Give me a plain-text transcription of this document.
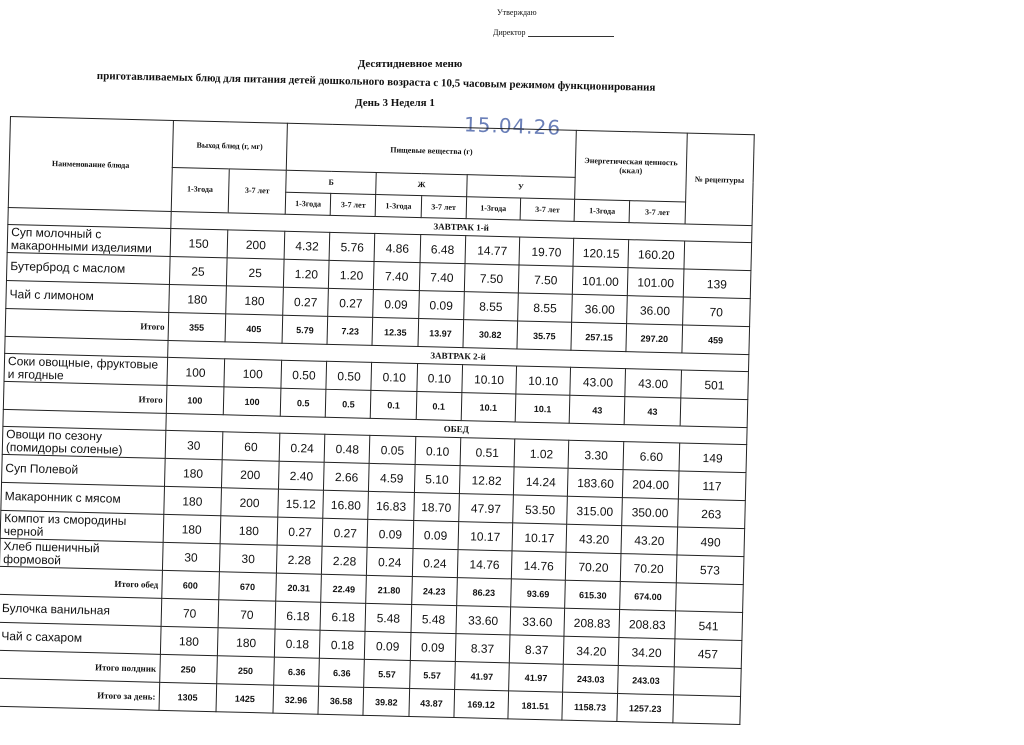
Утверждаю
Директор
Десятидневное меню
приготавливаемых блюд для питания детей дошкольного возраста с 10,5 часовым режимом функционирования
День 3 Неделя 1
15.04.26
Наименование блюда	Выход блюд (г, мг)		Пищевые вещества (г)						Энергетическая ценность (ккал)		№ рецептуры

	1-3года 3-7 лет		Б		Ж		У				
			1-3года	3-7 лет	1-3года	3-7 лет	1-3года	3-7 лет	1-3года	3-7 лет	
	ЗАВТРАК 1-й										
Суп молочный с макаронными изделиями	150	200	4.32	5.76	4.86	6.48	14.77	19.70	120.15	160.20	
Бутерброд с маслом	25	25	1.20	1.20	7.40	7.40	7.50	7.50	101.00	101.00	139
Чай с лимоном	180	180	0.27	0.27	0.09	0.09	8.55	8.55	36.00	36.00	70
Итого	355	405	5.79	7.23	12.35	13.97	30.82	35.75	257.15	297.20	459
	ЗАВТРАК 2-й										
Соки овощные, фруктовые и ягодные	100	100	0.50	0.50	0.10	0.10	10.10	10.10	43.00	43.00	501
Итого	100	100	0.5	0.5	0.1	0.1	10.1	10.1	43	43	
	ОБЕД										
Овощи по сезону (помидоры соленые)	30	60	0.24	0.48	0.05	0.10	0.51	1.02	3.30	6.60	149
Суп Полевой	180	200	2.40	2.66	4.59	5.10	12.82	14.24	183.60	204.00	117
Макаронник с мясом	180	200	15.12	16.80	16.83	18.70	47.97	53.50	315.00	350.00	263
Компот из смородины черной	180	180	0.27	0.27	0.09	0.09	10.17	10.17	43.20	43.20	490
Хлеб пшеничный формовой	30	30	2.28	2.28	0.24	0.24	14.76	14.76	70.20	70.20	573
Итого обед	600	670	20.31	22.49	21.80	24.23	86.23	93.69	615.30	674.00	
Булочка ванильная	70	70	6.18	6.18	5.48	5.48	33.60	33.60	208.83	208.83	541
Чай с сахаром	180	180	0.18	0.18	0.09	0.09	8.37	8.37	34.20	34.20	457
Итого полдник	250	250	6.36	6.36	5.57	5.57	41.97	41.97	243.03	243.03	
Итого за день:	1305	1425	32.96	36.58	39.82	43.87	169.12	181.51	1158.73	1257.23	
